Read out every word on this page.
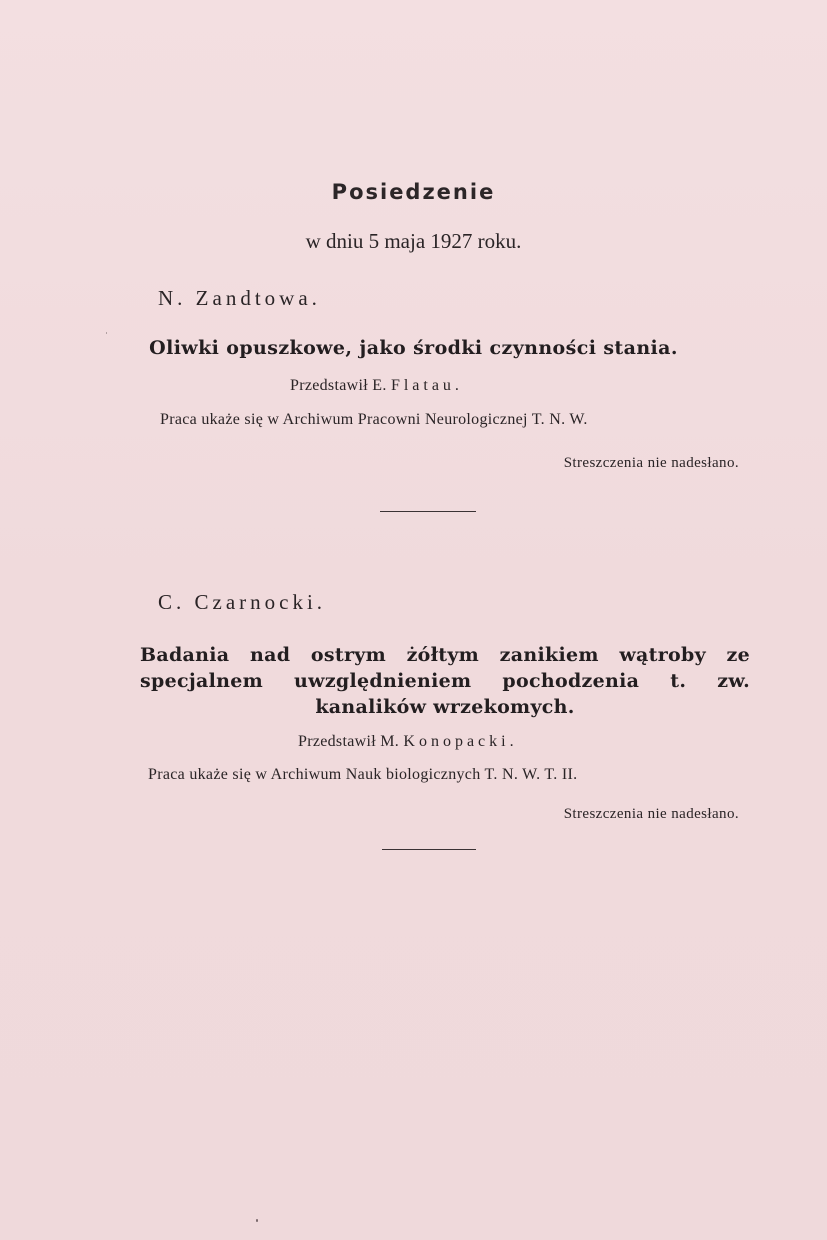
Posiedzenie
w dniu 5 maja 1927 roku.
N. Zandtowa.
Oliwki opuszkowe, jako środki czynności stania.
Przedstawił E. Flatau.
Praca ukaże się w Archiwum Pracowni Neurologicznej T. N. W.
Streszczenia nie nadesłano.
C. Czarnocki.
Badania nad ostrym żółtym zanikiem wątroby ze specjalnem uwzględnieniem pochodzenia t. zw. kanalików wrzekomych.
Przedstawił M. Konopacki.
Praca ukaże się w Archiwum Nauk biologicznych T. N. W. T. II.
Streszczenia nie nadesłano.
